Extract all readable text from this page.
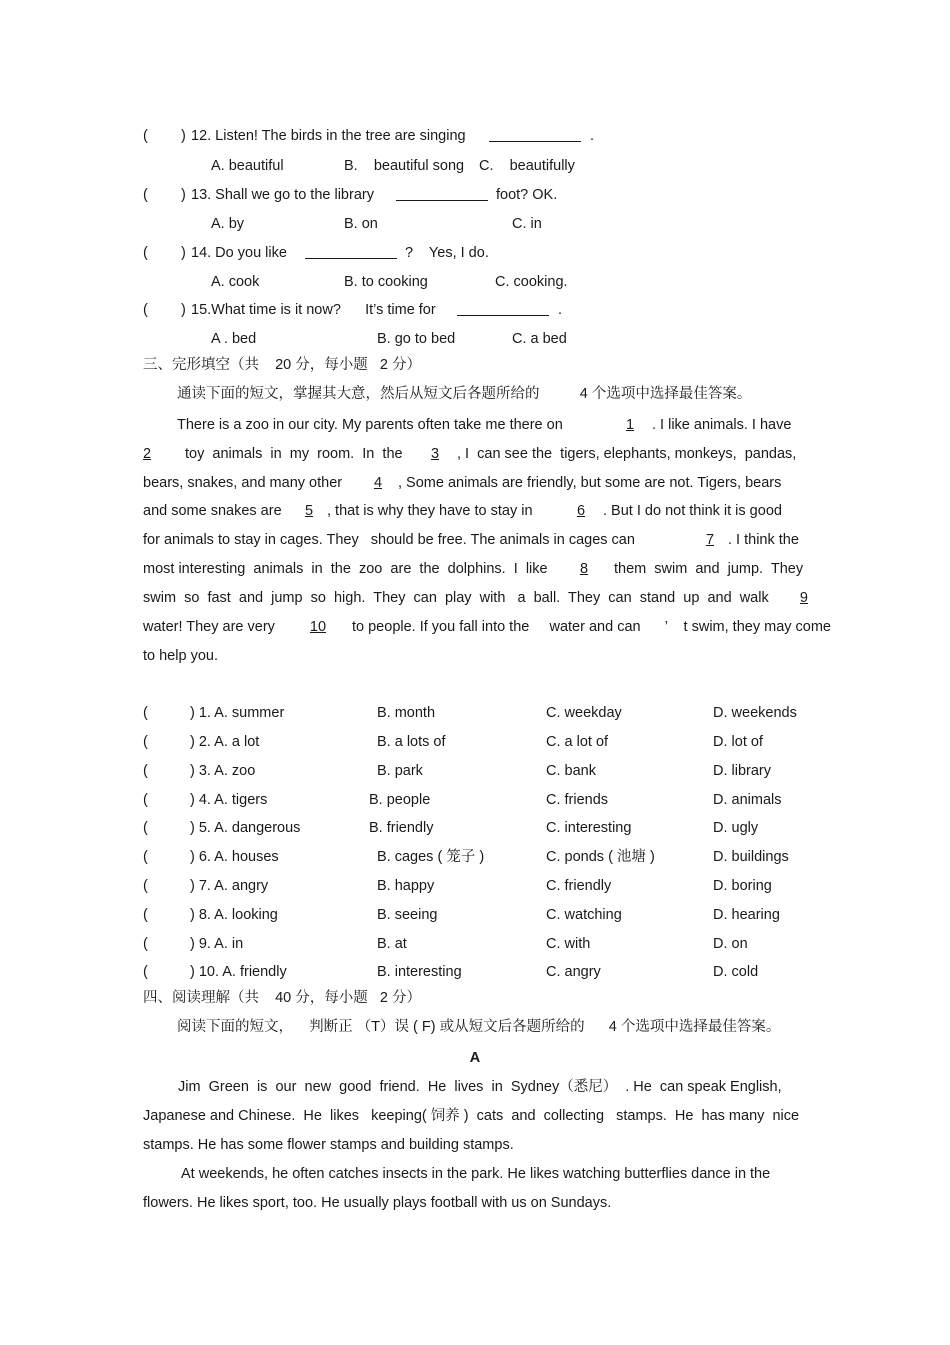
( ) 12. Listen! The birds in the tree are singing	.
A. beautiful	B.    beautiful song C.    beautifully
( ) 13. Shall we go to the library	foot? OK.
A. by	B. on	C. in
( ) 14. Do you like	?    Yes, I do.
A. cook	B. to cooking	C. cooking.
( ) 15.What time is it now?      It’s time for	.
A . bed	B. go to bed	C. a bed
三、完形填空（共    20 分，每小题   2 分）
通读下面的短文，掌握其大意，然后从短文后各题所给的          4 个选项中选择最佳答案。
There is a zoo in our city. My parents often take me there on	1	. I like animals. I have
2	toy  animals  in  my  room.  In  the	3	, I  can see the  tigers, elephants, monkeys,  pandas,
bears, snakes, and many other	4	, Some animals are friendly, but some are not. Tigers, bears
and some snakes are	5 , that is why they have to stay in	6	. But I do not think it is good
for animals to stay in cages. They   should be free. The animals in cages can	7 . I think the
most interesting  animals  in  the  zoo  are  the  dolphins.  I  like	8	them  swim  and  jump.  They
swim  so  fast  and  jump  so  high.  They  can  play  with   a  ball.  They  can  stand  up  and  walk	9
water! They are very	10	to people. If you fall into the     water and can      ’    t swim, they may come
to help you.
(	) 1. A. summer	B. month	C. weekday	D. weekends
(	) 2. A. a lot	B. a lots of	C. a lot of	D. lot of
(	) 3. A. zoo	B. park	C. bank	D. library
(	) 4. A. tigers	B. people	C. friends	D. animals
(	) 5. A. dangerous	B. friendly	C. interesting	D. ugly
(	) 6. A. houses	B. cages ( 笼子 )	C. ponds ( 池塘 )	D. buildings
(	) 7. A. angry	B. happy	C. friendly	D. boring
(	) 8. A. looking	B. seeing	C. watching	D. hearing
(	) 9. A. in	B. at	C. with	D. on
(	) 10. A. friendly	B. interesting	C. angry	D. cold
四、阅读理解（共    40 分，每小题   2 分）
阅读下面的短文，    判断正 （T）误 ( F) 或从短文后各题所给的      4 个选项中选择最佳答案。
A
Jim  Green  is  our  new  good  friend.  He  lives  in  Sydney（悉尼）  . He  can speak English,
Japanese and Chinese.  He  likes   keeping( 饲养 )  cats  and  collecting   stamps.  He  has many  nice
stamps. He has some flower stamps and building stamps.
At weekends, he often catches insects in the park. He likes watching butterflies dance in the
flowers. He likes sport, too. He usually plays football with us on Sundays.
